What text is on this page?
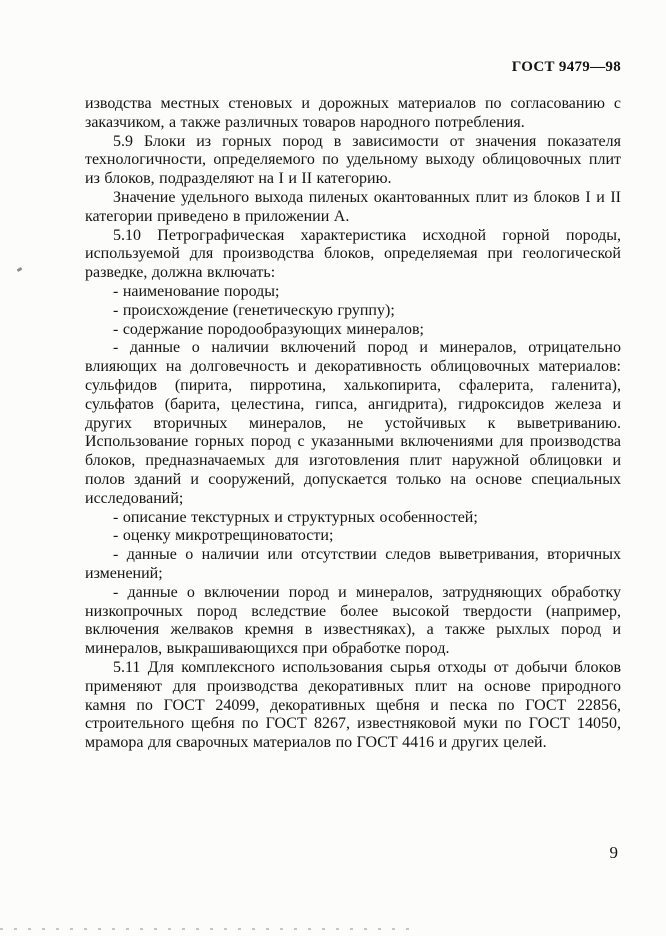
ГОСТ 9479—98

изводства местных стеновых и дорожных материалов по согласованию с заказчиком, а также различных товаров народного потребления.

5.9 Блоки из горных пород в зависимости от значения показателя технологичности, определяемого по удельному выходу облицовочных плит из блоков, подразделяют на I и II категорию.

Значение удельного выхода пиленых окантованных плит из блоков I и II категории приведено в приложении А.

5.10 Петрографическая характеристика исходной горной породы, используемой для производства блоков, определяемая при геологической разведке, должна включать:

- наименование породы;

- происхождение (генетическую группу);

- содержание породообразующих минералов;

- данные о наличии включений пород и минералов, отрицательно влияющих на долговечность и декоративность облицовочных материалов: сульфидов (пирита, пирротина, халькопирита, сфалерита, галенита), сульфатов (барита, целестина, гипса, ангидрита), гидроксидов железа и других вторичных минералов, не устойчивых к выветриванию. Использование горных пород с указанными включениями для производства блоков, предназначаемых для изготовления плит наружной облицовки и полов зданий и сооружений, допускается только на основе специальных исследований;

- описание текстурных и структурных особенностей;

- оценку микротрещиноватости;

- данные о наличии или отсутствии следов выветривания, вторичных изменений;

- данные о включении пород и минералов, затрудняющих обработку низкопрочных пород вследствие более высокой твердости (например, включения желваков кремня в известняках), а также рыхлых пород и минералов, выкрашивающихся при обработке пород.

5.11 Для комплексного использования сырья отходы от добычи блоков применяют для производства декоративных плит на основе природного камня по ГОСТ 24099, декоративных щебня и песка по ГОСТ 22856, строительного щебня по ГОСТ 8267, известняковой муки по ГОСТ 14050, мрамора для сварочных материалов по ГОСТ 4416 и других целей.

9
